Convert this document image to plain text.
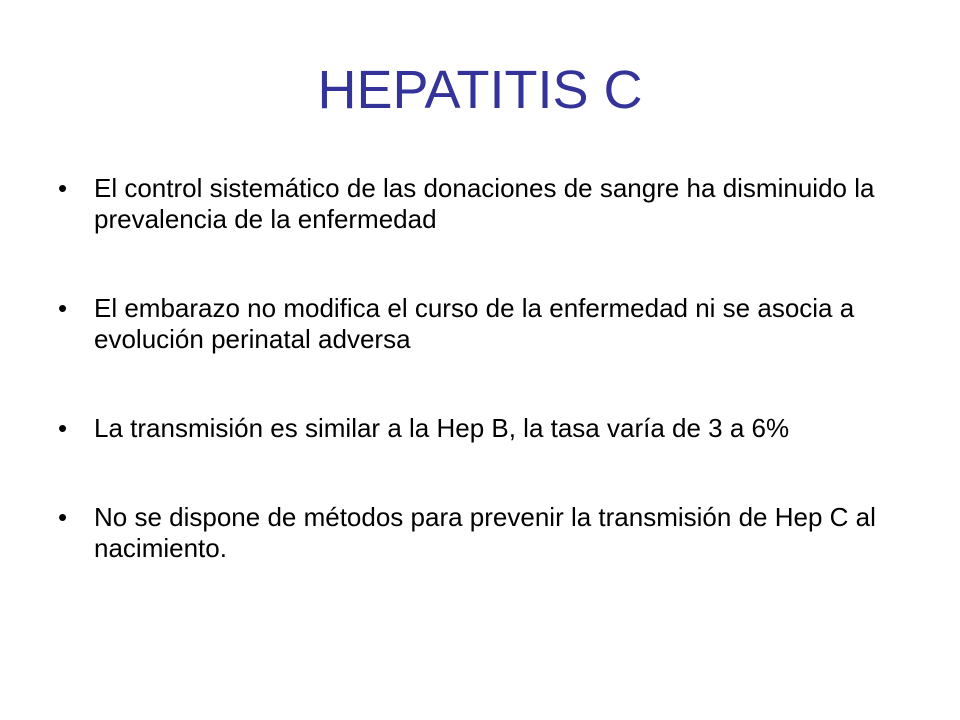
HEPATITIS C
•	El control sistemático de las donaciones de sangre ha disminuido la prevalencia de la enfermedad
•	El embarazo no modifica el curso de la enfermedad ni se asocia a evolución perinatal adversa
•	La transmisión es similar a la Hep B, la tasa varía de 3 a 6%
•	No se dispone de métodos para prevenir la transmisión de Hep C al nacimiento.
